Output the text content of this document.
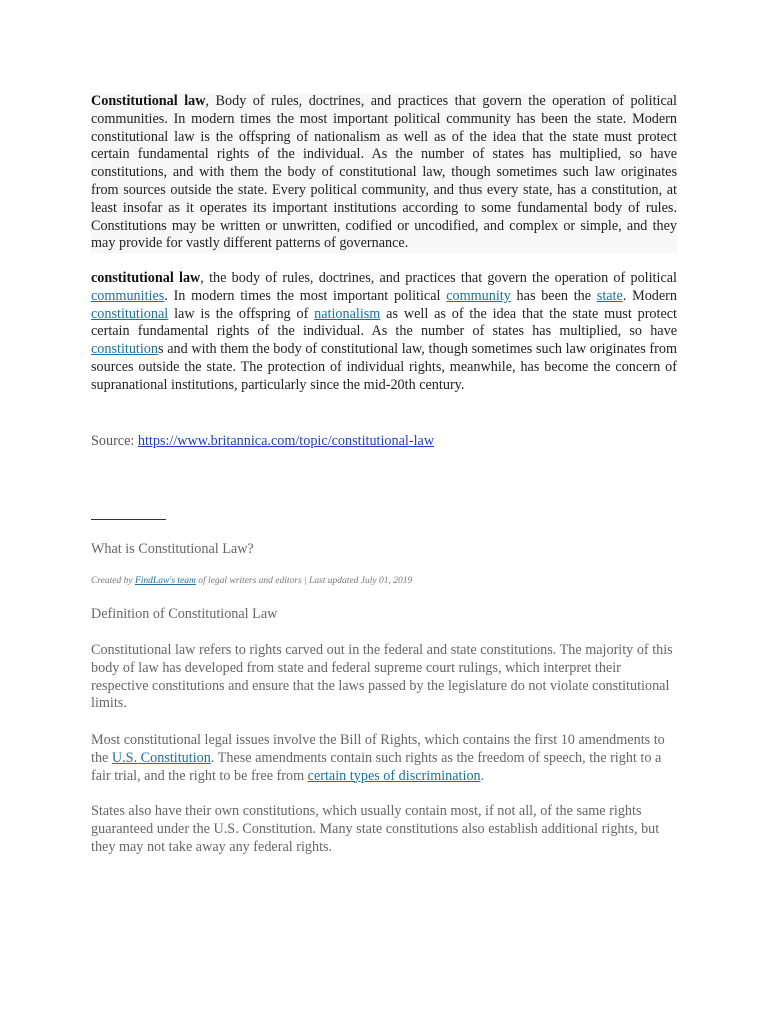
Constitutional law, Body of rules, doctrines, and practices that govern the operation of political communities. In modern times the most important political community has been the state. Modern constitutional law is the offspring of nationalism as well as of the idea that the state must protect certain fundamental rights of the individual. As the number of states has multiplied, so have constitutions, and with them the body of constitutional law, though sometimes such law originates from sources outside the state. Every political community, and thus every state, has a constitution, at least insofar as it operates its important institutions according to some fundamental body of rules. Constitutions may be written or unwritten, codified or uncodified, and complex or simple, and they may provide for vastly different patterns of governance.
constitutional law, the body of rules, doctrines, and practices that govern the operation of political communities. In modern times the most important political community has been the state. Modern constitutional law is the offspring of nationalism as well as of the idea that the state must protect certain fundamental rights of the individual. As the number of states has multiplied, so have constitutions and with them the body of constitutional law, though sometimes such law originates from sources outside the state. The protection of individual rights, meanwhile, has become the concern of supranational institutions, particularly since the mid-20th century.
Source: https://www.britannica.com/topic/constitutional-law
What is Constitutional Law?
Created by FindLaw's team of legal writers and editors | Last updated July 01, 2019
Definition of Constitutional Law
Constitutional law refers to rights carved out in the federal and state constitutions. The majority of this body of law has developed from state and federal supreme court rulings, which interpret their respective constitutions and ensure that the laws passed by the legislature do not violate constitutional limits.
Most constitutional legal issues involve the Bill of Rights, which contains the first 10 amendments to the U.S. Constitution. These amendments contain such rights as the freedom of speech, the right to a fair trial, and the right to be free from certain types of discrimination.
States also have their own constitutions, which usually contain most, if not all, of the same rights guaranteed under the U.S. Constitution. Many state constitutions also establish additional rights, but they may not take away any federal rights.
